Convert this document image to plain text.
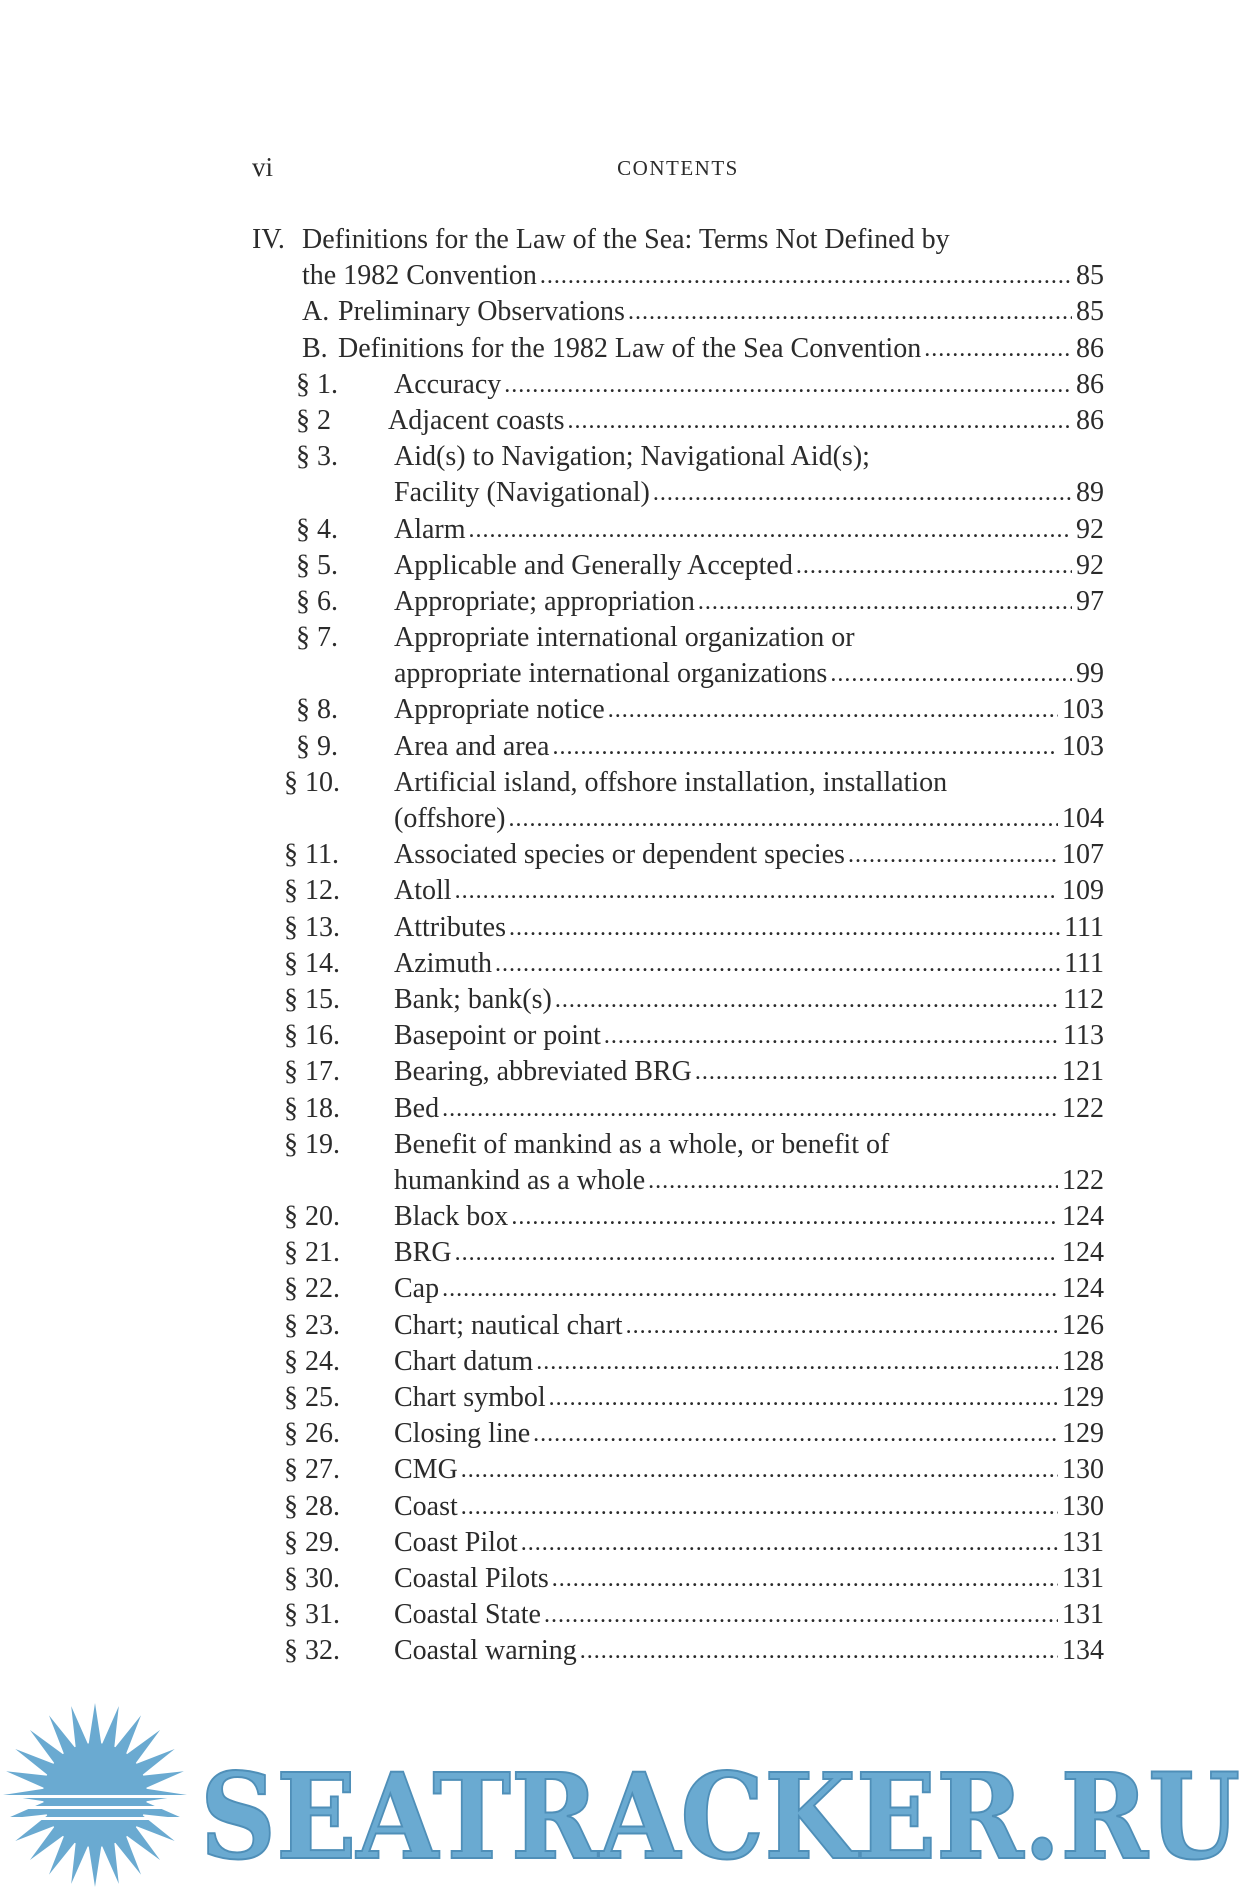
vi	CONTENTS
IV. Definitions for the Law of the Sea: Terms Not Defined by
the 1982 Convention .....	85
A. Preliminary Observations .....	85
B. Definitions for the 1982 Law of the Sea Convention .....	86
§ 1. Accuracy .....	86
§ 2 Adjacent coasts .....	86
§ 3. Aid(s) to Navigation; Navigational Aid(s);
Facility (Navigational) .....	89
§ 4. Alarm .....	92
§ 5. Applicable and Generally Accepted .....	92
§ 6. Appropriate; appropriation .....	97
§ 7. Appropriate international organization or
appropriate international organizations .....	99
§ 8. Appropriate notice .....	103
§ 9. Area and area .....	103
§ 10. Artificial island, offshore installation, installation
(offshore) .....	104
§ 11. Associated species or dependent species .....	107
§ 12. Atoll .....	109
§ 13. Attributes .....	111
§ 14. Azimuth .....	111
§ 15. Bank; bank(s) .....	112
§ 16. Basepoint or point .....	113
§ 17. Bearing, abbreviated BRG .....	121
§ 18. Bed .....	122
§ 19. Benefit of mankind as a whole, or benefit of
humankind as a whole .....	122
§ 20. Black box .....	124
§ 21. BRG .....	124
§ 22. Cap .....	124
§ 23. Chart; nautical chart .....	126
§ 24. Chart datum .....	128
§ 25. Chart symbol .....	129
§ 26. Closing line .....	129
§ 27. CMG .....	130
§ 28. Coast .....	130
§ 29. Coast Pilot .....	131
§ 30. Coastal Pilots .....	131
§ 31. Coastal State .....	131
§ 32. Coastal warning .....	134
SEATRACKER.RU
